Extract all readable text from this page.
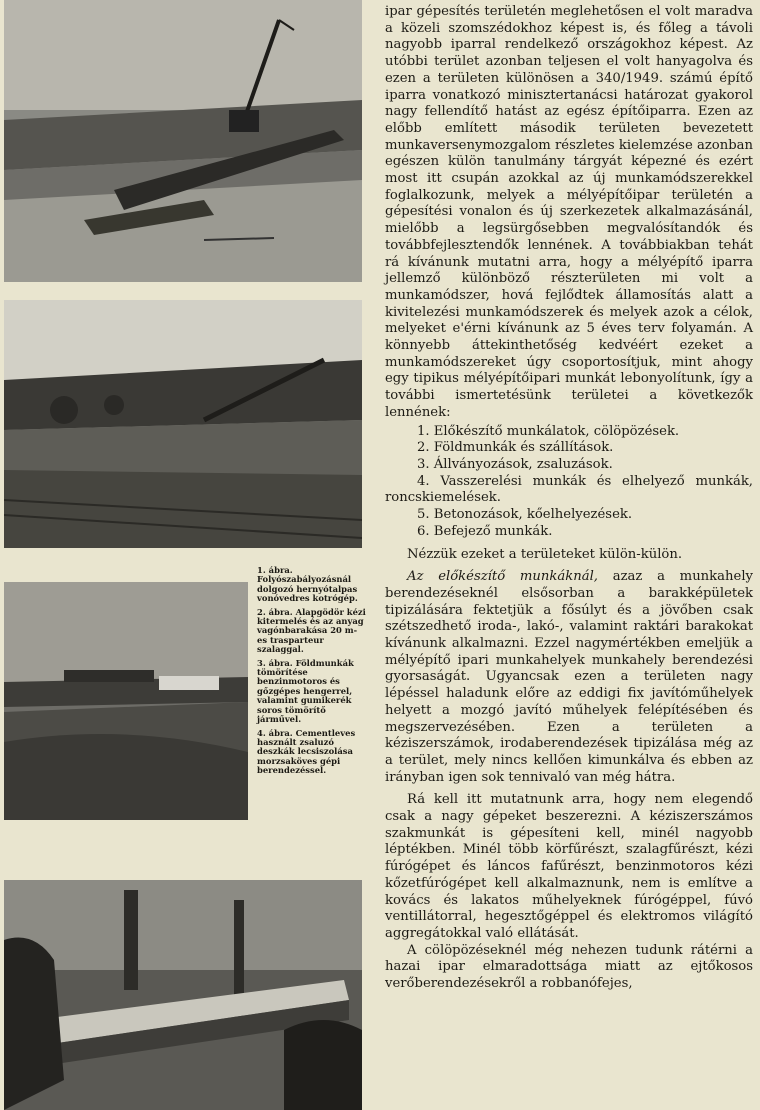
1. ábra. Folyószabályozásnál dolgozó hernyótalpas vonóvedres kotrógép.

2. ábra. Alapgödör kézi kitermelés és az anyag vagónbarakása 20 m-es trasparteur szalaggal.

3. ábra. Földmunkák tömörítése benzinmotoros és gőzgépes hengerrel, valamint gumikerék soros tömörítő járművel.

4. ábra. Cementleves használt zsaluzó deszkák lecsiszolása morzsaköves gépi berendezéssel.

ipar gépesítés területén meglehetősen el volt maradva a közeli szomszédokhoz képest is, és főleg a távoli nagyobb iparral rendelkező országokhoz képest. Az utóbbi terület azonban teljesen el volt hanyagolva és ezen a területen különösen a 340/1949. számú építő iparra vonatkozó minisztertanácsi határozat gyakorol nagy fellendítő hatást az egész építőiparra. Ezen az előbb említett második területen bevezetett munkaversenymozgalom részletes kielemzése azonban egészen külön tanulmány tárgyát képezné és ezért most itt csupán azokkal az új munkamódszerekkel foglalkozunk, melyek a mélyépítőipar területén a gépesítési vonalon és új szerkezetek alkalmazásánál, mielőbb a legsürgősebben megvalósítandók és továbbfejlesztendők lennének. A továbbiakban tehát rá kívánunk mutatni arra, hogy a mélyépítő iparra jellemző különböző részterületen mi volt a munkamódszer, hová fejlődtek államosítás alatt a kivitelezési munkamódszerek és melyek azok a célok, melyeket e'érni kívánunk az 5 éves terv folyamán. A könnyebb áttekinthetőség kedvéért ezeket a munkamódszereket úgy csoportosítjuk, mint ahogy egy tipikus mélyépítőipari munkát lebonyolítunk, így a további ismertetésünk területei a következők lennének:

1. Előkészítő munkálatok, cölöpözések.
2. Földmunkák és szállítások.
3. Állványozások, zsaluzások.
4. Vasszerelési munkák és elhelyező munkák, roncskiemelések.
5. Betonozások, kőelhelyezések.
6. Befejező munkák.

Nézzük ezeket a területeket külön-külön.

Az előkészítő munkáknál, azaz a munkahely berendezéseknél elsősorban a barakképületek tipizálására fektetjük a fősúlyt és a jövőben csak szétszedhető iroda-, lakó-, valamint raktári barakokat kívánunk alkalmazni. Ezzel nagymértékben emeljük a mélyépítő ipari munkahelyek munkahely berendezési gyorsaságát. Ugyancsak ezen a területen nagy lépéssel haladunk előre az eddigi fix javítóműhelyek helyett a mozgó javító műhelyek felépítésében és megszervezésében. Ezen a területen a kéziszerszámok, irodaberendezések tipizálása még az a terület, mely nincs kellően kimunkálva és ebben az irányban igen sok tennivaló van még hátra.

Rá kell itt mutatnunk arra, hogy nem elegendő csak a nagy gépeket beszerezni. A kéziszerszámos szakmunkát is gépesíteni kell, minél nagyobb léptékben. Minél több körfűrészt, szalagfűrészt, kézi fúrógépet és láncos fafűrészt, benzinmotoros kézi kőzetfúrógépet kell alkalmaznunk, nem is említve a kovács és lakatos műhelyeknek fúrógéppel, fúvó ventillátorral, hegesztőgéppel és elektromos világító aggregátokkal való ellátását.

A cölöpözéseknél még nehezen tudunk rátérni a hazai ipar elmaradottsága miatt az ejtőkosos verőberendezésekről a robbanófejes,
